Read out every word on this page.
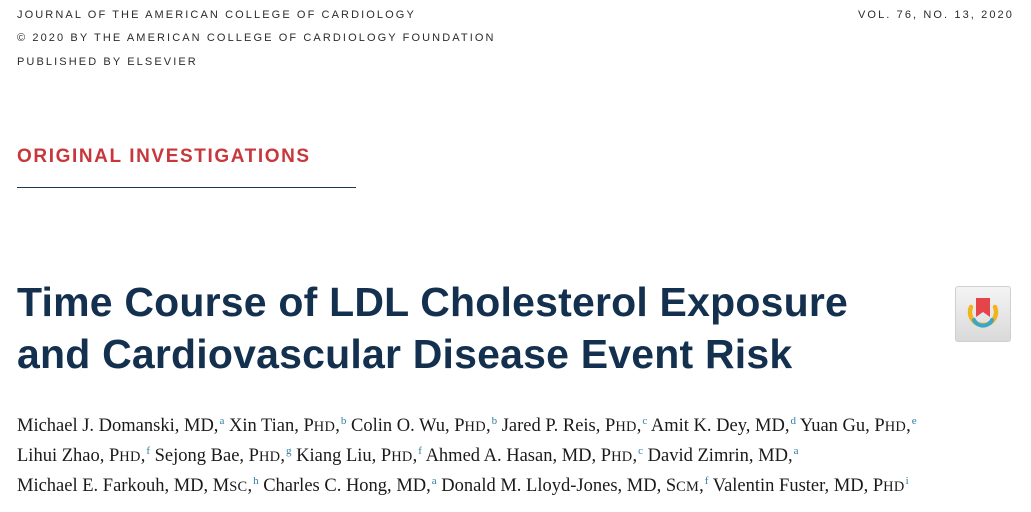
JOURNAL OF THE AMERICAN COLLEGE OF CARDIOLOGY
© 2020 BY THE AMERICAN COLLEGE OF CARDIOLOGY FOUNDATION
PUBLISHED BY ELSEVIER
VOL. 76, NO. 13, 2020
ORIGINAL INVESTIGATIONS
Time Course of LDL Cholesterol Exposure
and Cardiovascular Disease Event Risk
Michael J. Domanski, MD,$^a$ Xin Tian, PHD,$^b$ Colin O. Wu, PHD,$^b$ Jared P. Reis, PHD,$^c$ Amit K. Dey, MD,$^d$ Yuan Gu, PHD,$^e$
Lihui Zhao, PHD,$^f$ Sejong Bae, PHD,$^g$ Kiang Liu, PHD,$^f$ Ahmed A. Hasan, MD, PHD,$^c$ David Zimrin, MD,$^a$
Michael E. Farkouh, MD, MSC,$^h$ Charles C. Hong, MD,$^a$ Donald M. Lloyd-Jones, MD, SCM,$^f$ Valentin Fuster, MD, PHD$^i$
